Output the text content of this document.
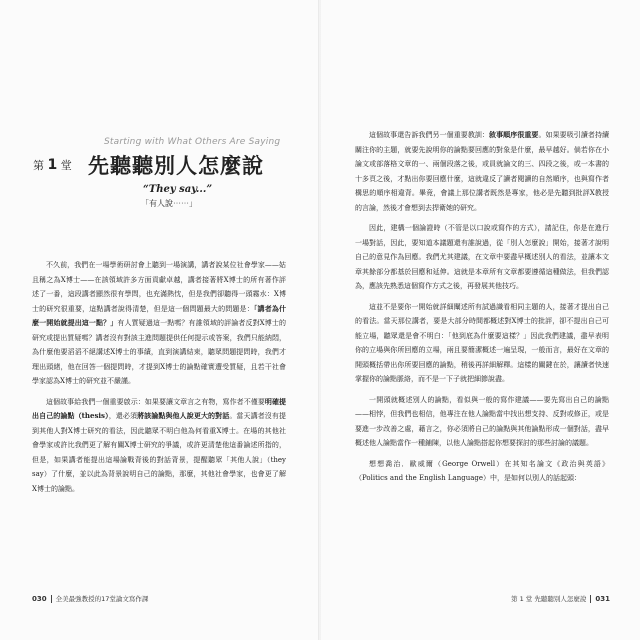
Starting with What Others Are Saying
第 1 堂 先聽聽別人怎麼說
“They say...”
「有人說⋯⋯」

不久前，我們在一場學術研討會上聽到一場演講，講者說某位社會學家——姑且稱之為X博士——在該領域許多方面貢獻卓越，講者接著將X博士的所有著作評述了一番，這段講者顯然很有學問，也充滿熱忱，但是我們卻聽得一頭霧水：X博士的研究很重要，這點講者說得清楚，但是這一個問題最大的問題是：「講者為什麼一開始就提出這一點？」有人質疑過這一點嗎？有誰領域的評論者反對X博士的研究或提出質疑嗎？講者沒有對該主進問題提供任何提示或答案，我們只能納悶，為什麼他要滔滔不絕講述X博士的事績，直到演講結束，聽眾問題提問時，我們才理出頭緒，他在回答一個提問時，才提到X博士的論點確實遭受質疑，且若干社會學家認為X博士的研究並不嚴謹。

這個故事給我們一個重要啟示：如果要讓文章言之有物，寫作者不僅要明確提出自己的論點（thesis），還必須將該論點與他人說更大的對話。當天講者沒有提到其他人對X博士研究的看法，因此聽眾不明白他為何看重X博士。在場的其他社會學家或許比我們更了解有關X博士研究的爭議，或許更清楚他這番論述所指的，但是，如果講者能提出這場論戰背後的對話背景，提醒聽眾「其他人說」（they say）了什麼，並以此為背景說明自己的論點，那麼，其他社會學家，也會更了解X博士的論點。

030 全美最強教授的17堂論文寫作課

這個故事還告訴我們另一個重要教訓：敘事順序很重要。如果要吸引讀者持續關注你的主題，就要先說明你的論點要回應的對象是什麼，最早越好。倘若你在小論文或部落格文章的一、兩個段落之後，或員就論文的三、四段之後，或一本書的十多頁之後，才點出你要回應什麼，這就違反了讀者閱讀的自然順序，也與寫作者構思的順序相違背。畢竟，會議上那位講者既然是專家，他必是先聽到批評X教授的言論，然後才會想到去捍衛她的研究。

因此，建構一個論證時（不管是以口說或寫作的方式），請記住，你是在進行一場對話，因此，要知道本議題還有誰說過，從「別人怎麼說」開始，接著才說明自己的意見作為回應。我們尤其建議，在文章中要盡早概述別人的看法，並讓本文章其餘部分都基於回應和延伸。這就是本章所有文章都要遵循這種做法，但我們認為，應該先熟悉這個寫作方式之後，再發展其他技巧。

這並不是要你一開始就詳細闡述所有試過識看相同主題的人，接著才提出自己的看法。當天那位講者，要是大部分時間都概述對X博士的批評，卻不提出自己可能立場，聽眾還是會不明白：「他到底為什麼要這樣？」因此我們建議，盡早表明你的立場與你所回應的立場，兩且要簡潔概述一遍呈現，一般而言，最好在文章的開頭概括帶出你所要回應的論點，稍後再詳細解釋。這樣的關鍵在於，讓讀者快速掌握你的論點脈絡，而不是一下子就把細節說盡。

一開頭就概述別人的論點，看似與一般的寫作建議——要先寫出自己的論點——相悖，但我們也相信，他專注在他人論點當中找出想支持、反對或修正，或是要進一步改善之處，藉言之，你必須將自己的論點與其他論點形成一個對話，盡早概述他人論點當作一種鋪陳，以他人論點搭起你想要探討的那些討論的議題。

想想喬治．歐威爾（George Orwell）在其知名論文《政治與英語》（Politics and the English Language）中，是如何以別人的話起頭：

第 1 堂 先聽聽別人怎麼說 031
